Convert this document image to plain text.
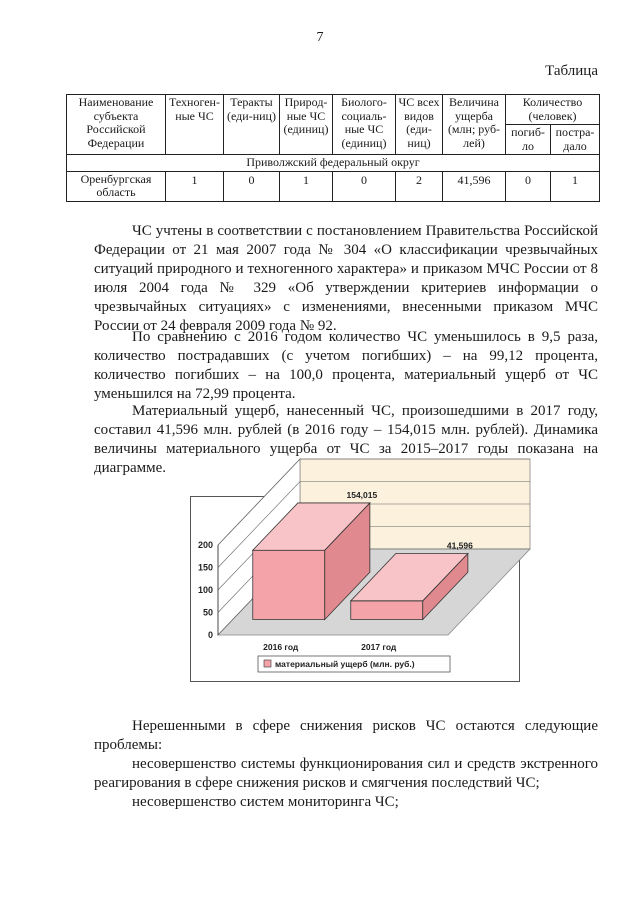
7
Таблица
Наименование субъекта Российской Федерации	Техноген-ные ЧС	Теракты (еди-ниц)	Природ-ные ЧС (единиц)	Биолого-социаль-ные ЧС (единиц)	ЧС всех видов (еди-ниц)	Величина ущерба (млн; руб-лей)	Количество (человек)	
							погиб-ло	постра-дало
Приволжский федеральный округ								
Оренбургская область	1	0	1	0	2	41,596	0	1

ЧС учтены в соответствии с постановлением Правительства Российской Федерации от 21 мая 2007 года № 304 «О классификации чрезвычайных ситуаций природного и техногенного характера» и приказом МЧС России от 8 июля 2004 года № 329 «Об утверждении критериев информации о чрезвычайных ситуациях» с изменениями, внесенными приказом МЧС России от 24 февраля 2009 года № 92.

По сравнению с 2016 годом количество ЧС уменьшилось в 9,5 раза, количество пострадавших (с учетом погибших) – на 99,12 процента, количество погибших – на 100,0 процента, материальный ущерб от ЧС уменьшился на 72,99 процента.

Материальный ущерб, нанесенный ЧС, произошедшими в 2017 году, составил 41,596 млн. рублей (в 2016 году – 154,015 млн. рублей). Динамика величины материального ущерба от ЧС за 2015–2017 годы показана на диаграмме.

0
50
100
150
200
154,015
2016 год
41,596
2017 год
материальный ущерб (млн. руб.)

Нерешенными в сфере снижения рисков ЧС остаются следующие проблемы:

несовершенство системы функционирования сил и средств экстренного реагирования в сфере снижения рисков и смягчения последствий ЧС;

несовершенство систем мониторинга ЧС;
